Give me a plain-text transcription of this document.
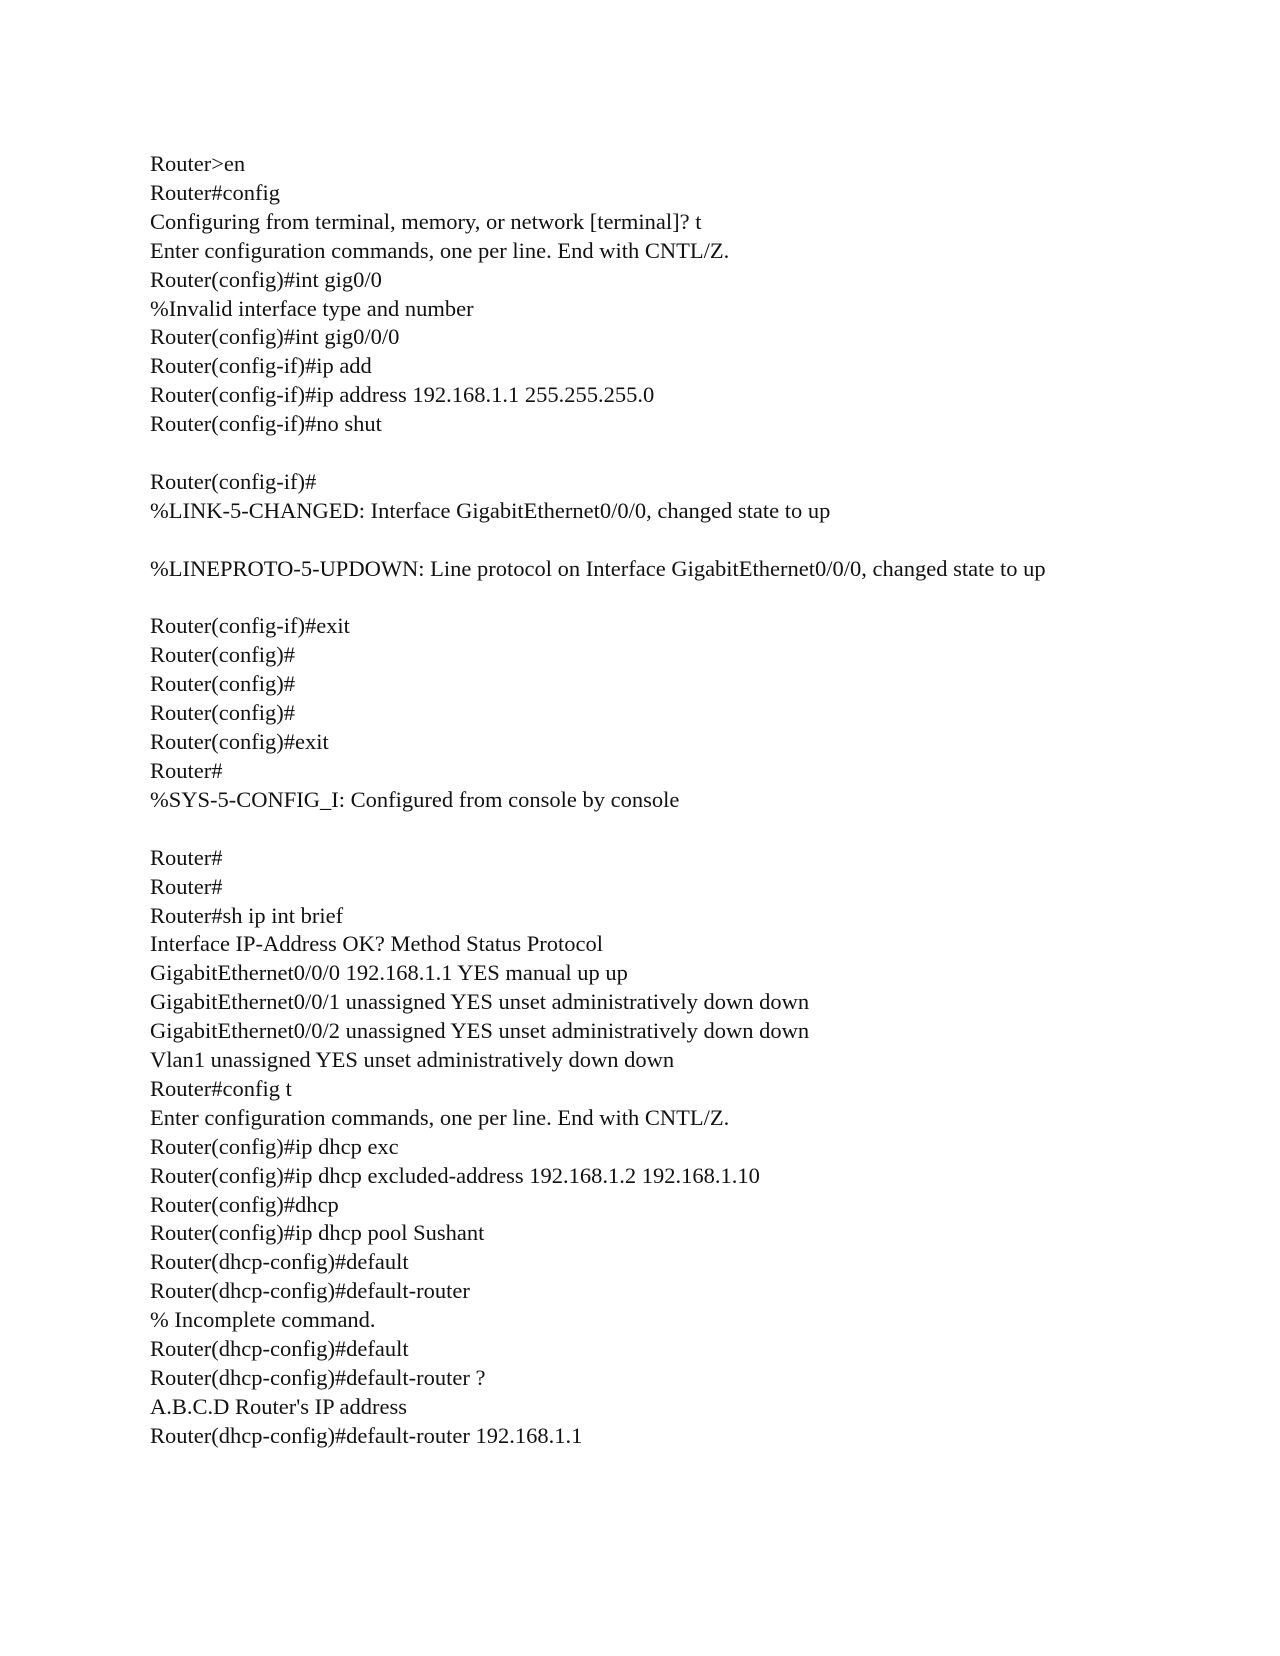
Router>en
Router#config
Configuring from terminal, memory, or network [terminal]? t
Enter configuration commands, one per line. End with CNTL/Z.
Router(config)#int gig0/0
%Invalid interface type and number
Router(config)#int gig0/0/0
Router(config-if)#ip add
Router(config-if)#ip address 192.168.1.1 255.255.255.0
Router(config-if)#no shut
Router(config-if)#
%LINK-5-CHANGED: Interface GigabitEthernet0/0/0, changed state to up
%LINEPROTO-5-UPDOWN: Line protocol on Interface GigabitEthernet0/0/0, changed state to up
Router(config-if)#exit
Router(config)#
Router(config)#
Router(config)#
Router(config)#exit
Router#
%SYS-5-CONFIG_I: Configured from console by console
Router#
Router#
Router#sh ip int brief
Interface IP-Address OK? Method Status Protocol
GigabitEthernet0/0/0 192.168.1.1 YES manual up up
GigabitEthernet0/0/1 unassigned YES unset administratively down down
GigabitEthernet0/0/2 unassigned YES unset administratively down down
Vlan1 unassigned YES unset administratively down down
Router#config t
Enter configuration commands, one per line. End with CNTL/Z.
Router(config)#ip dhcp exc
Router(config)#ip dhcp excluded-address 192.168.1.2 192.168.1.10
Router(config)#dhcp
Router(config)#ip dhcp pool Sushant
Router(dhcp-config)#default
Router(dhcp-config)#default-router
% Incomplete command.
Router(dhcp-config)#default
Router(dhcp-config)#default-router ?
A.B.C.D Router's IP address
Router(dhcp-config)#default-router 192.168.1.1
